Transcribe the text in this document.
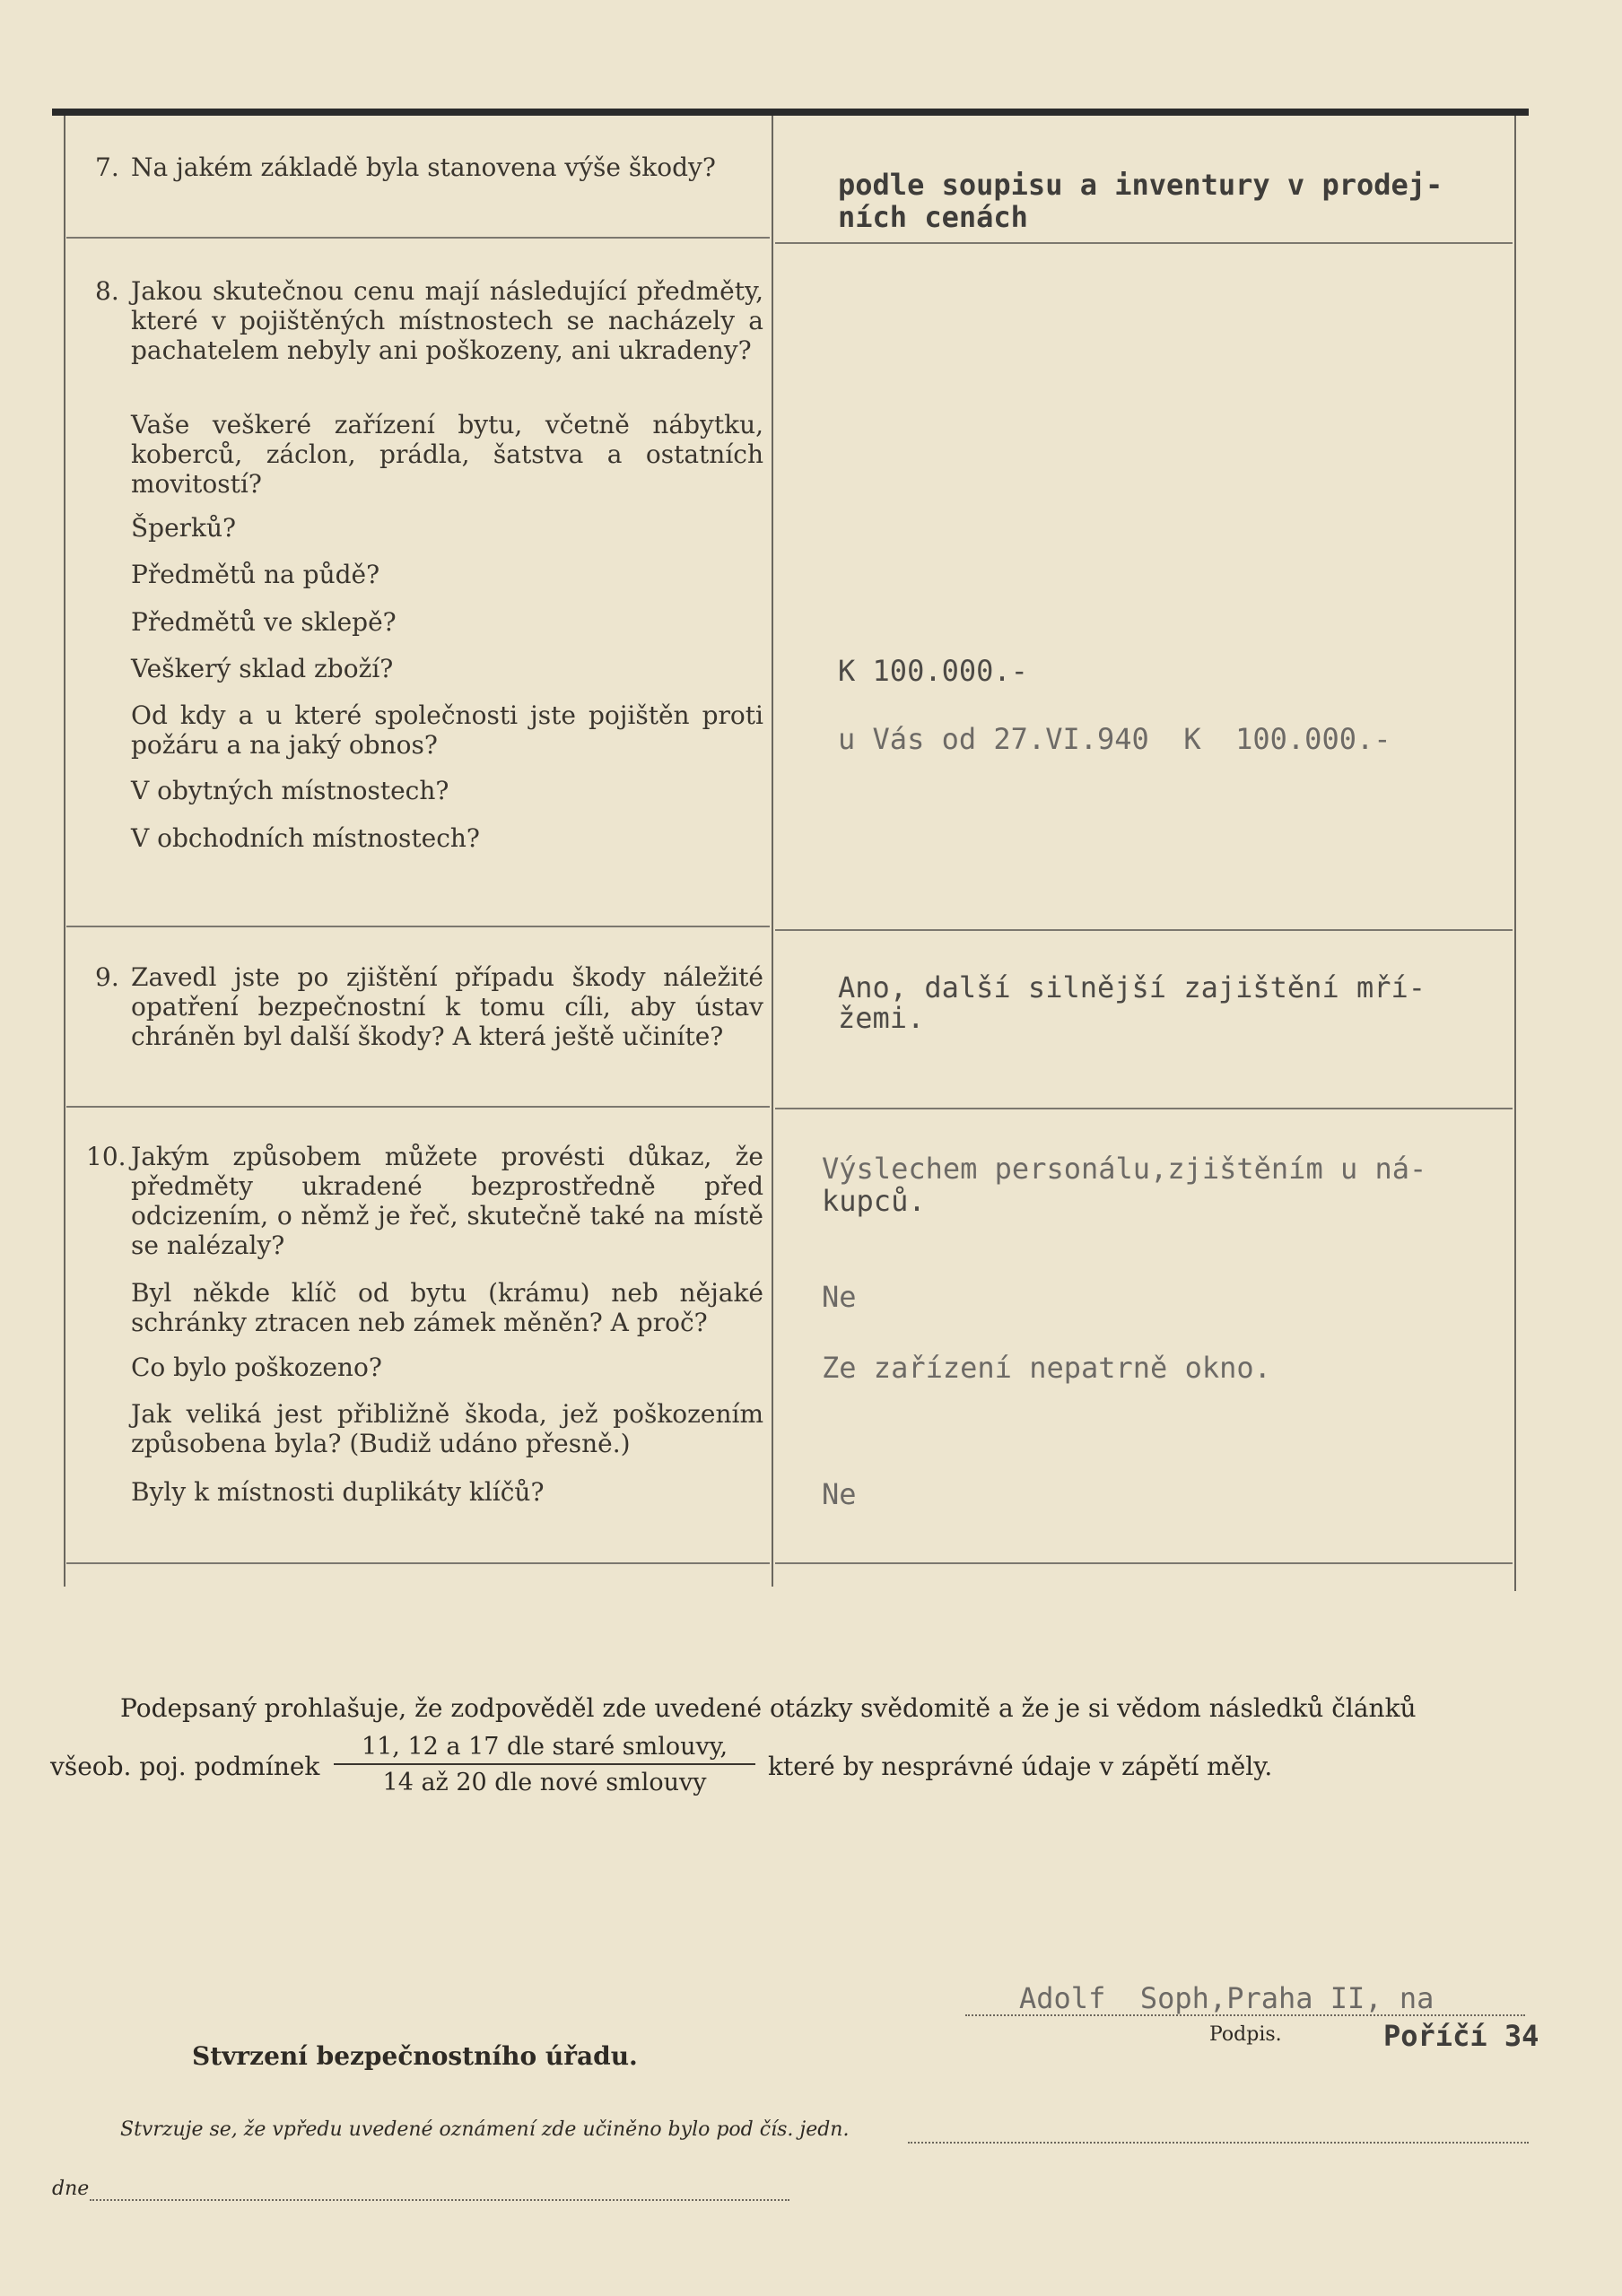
7. Na jakém základě byla stanovena výše škody?
8. Jakou skutečnou cenu mají následující předměty, které v pojištěných místnostech se nacházely a pachatelem nebyly ani poškozeny, ani ukradeny?
Vaše veškeré zařízení bytu, včetně nábytku, koberců, záclon, prádla, šatstva a ostatních movitostí?
Šperků?
Předmětů na půdě?
Předmětů ve sklepě?
Veškerý sklad zboží?
Od kdy a u které společnosti jste pojištěn proti požáru a na jaký obnos?
V obytných místnostech?
V obchodních místnostech?
9. Zavedl jste po zjištění případu škody náležité opatření bezpečnostní k tomu cíli, aby ústav chráněn byl další škody? A která ještě učiníte?
10. Jakým způsobem můžete provésti důkaz, že předměty ukradené bezprostředně před odcizením, o němž je řeč, skutečně také na místě se nalézaly?
Byl někde klíč od bytu (krámu) neb nějaké schránky ztracen neb zámek měněn? A proč?
Co bylo poškozeno?
Jak veliká jest přibližně škoda, jež poškozením způsobena byla? (Budiž udáno přesně.)
Byly k místnosti duplikáty klíčů?
podle soupisu a inventury v prodej-
ních cenách
K 100.000.-
u Vás od 27.VI.940  K  100.000.-
Ano, další silnější zajištění mří-
žemi.
Výslechem personálu,zjištěním u ná-
kupců.
Ne
Ze zařízení nepatrně okno.
Ne
Podepsaný prohlašuje, že zodpověděl zde uvedené otázky svědomitě a že je si vědom následků článků
všeob. poj. podmínek
11, 12 a 17 dle staré smlouvy,
14 až 20 dle nové smlouvy
které by nesprávné údaje v zápětí měly.
Adolf  Soph,Praha II, na
Podpis.	Poříčí 34
Stvrzení bezpečnostního úřadu.
Stvrzuje se, že vpředu uvedené oznámení zde učiněno bylo pod čís. jedn.
dne
